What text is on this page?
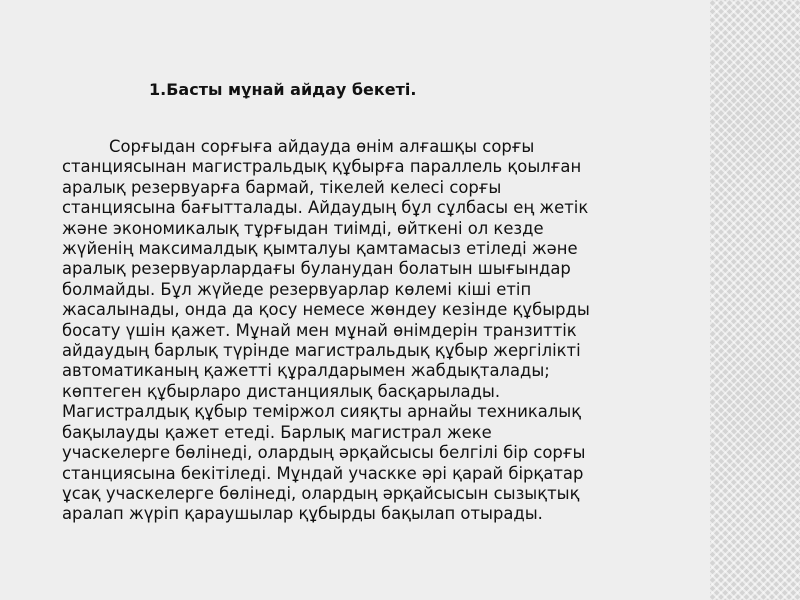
1.Басты мұнай айдау бекеті.

Сорғыдан сорғыға айдауда өнім алғашқы сорғы
станциясынан магистральдық құбырға параллель қоылған
аралық резервуарға бармай, тікелей келесі сорғы
станциясына бағытталады. Айдаудың бұл сұлбасы ең жетік
және экономикалық тұрғыдан тиімді, өйткені ол кезде
жүйенің максималдық қымталуы қамтамасыз етіледі және
аралық резервуарлардағы буланудан болатын шығындар
болмайды. Бұл жүйеде резервуарлар көлемі кіші етіп
жасалынады, онда да қосу немесе жөндеу кезінде құбырды
босату үшін қажет. Мұнай мен мұнай өнімдерін транзиттік
айдаудың барлық түрінде магистральдық құбыр жергілікті
автоматиканың қажетті құралдарымен жабдықталады;
көптеген құбырларо дистанциялық басқарылады.
Магистралдық құбыр теміржол сияқты арнайы техникалық
бақылауды қажет етеді. Барлық магистрал жеке
учаскелерге бөлінеді, олардың әрқайсысы белгілі бір сорғы
станциясына бекітіледі. Мұндай учаскке әрі қарай бірқатар
ұсақ учаскелерге бөлінеді, олардың әрқайсысын сызықтық
аралап жүріп қараушылар құбырды бақылап отырады.
